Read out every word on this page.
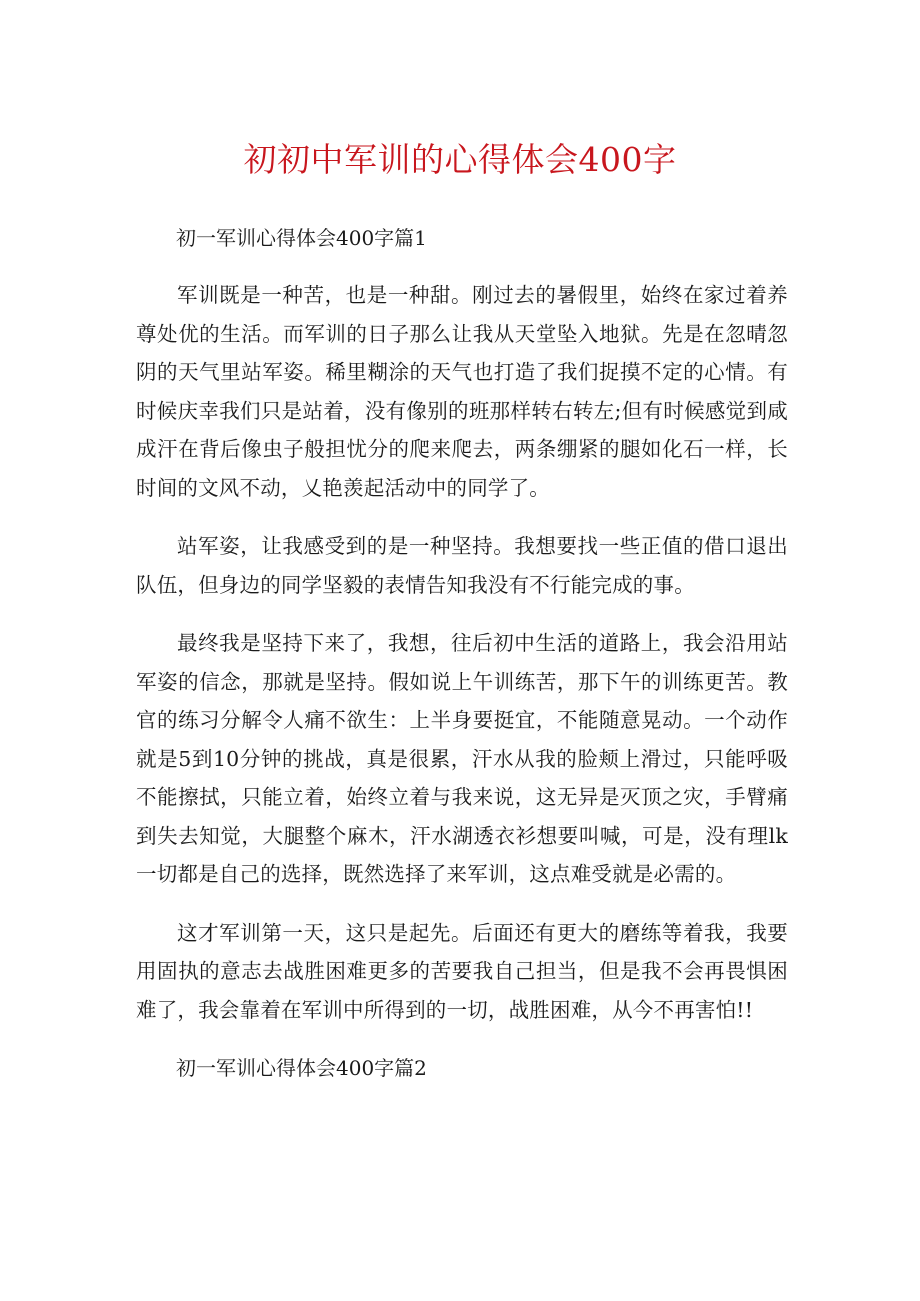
初初中军训的心得体会400字

初一军训心得体会400字篇1

军训既是一种苦，也是一种甜。刚过去的暑假里，始终在家过着养尊处优的生活。而军训的日子那么让我从天堂坠入地狱。先是在忽晴忽阴的天气里站军姿。稀里糊涂的天气也打造了我们捉摸不定的心情。有时候庆幸我们只是站着，没有像别的班那样转右转左;但有时候感觉到咸成汗在背后像虫子般担忧分的爬来爬去，两条绷紧的腿如化石一样，长时间的文风不动，乂艳羡起活动中的同学了。

站军姿，让我感受到的是一种坚持。我想要找一些正值的借口退出队伍，但身边的同学坚毅的表情告知我没有不行能完成的事。

最终我是坚持下来了，我想，往后初中生活的道路上，我会沿用站军姿的信念，那就是坚持。假如说上午训练苦，那下午的训练更苦。教官的练习分解令人痛不欲生：上半身要挺宜，不能随意晃动。一个动作就是5到10分钟的挑战，真是很累，汗水从我的脸颊上滑过，只能呼吸不能擦拭，只能立着，始终立着与我来说，这无异是灭顶之灾，手臂痛到失去知觉，大腿整个麻木，汗水湖透衣衫想要叫喊，可是，没有理lk一切都是自己的选择，既然选择了来军训，这点难受就是必需的。

这才军训第一天，这只是起先。后面还有更大的磨练等着我，我要用固执的意志去战胜困难更多的苦要我自己担当，但是我不会再畏惧困难了，我会靠着在军训中所得到的一切，战胜困难，从今不再害怕!!

初一军训心得体会400字篇2
